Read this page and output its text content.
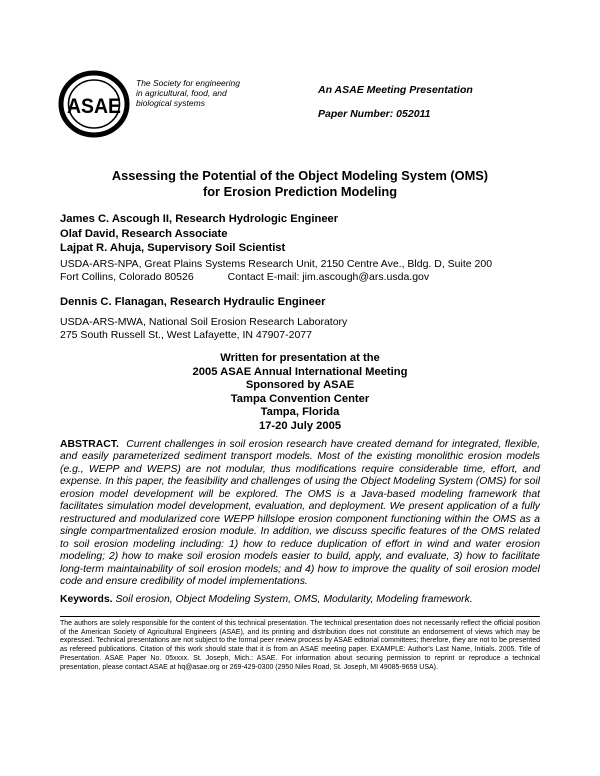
ASAE
The Society for engineering
in agricultural, food, and
biological systems
An ASAE Meeting Presentation
Paper Number: 052011
Assessing the Potential of the Object Modeling System (OMS)
for Erosion Prediction Modeling
James C. Ascough II, Research Hydrologic Engineer
Olaf David, Research Associate
Lajpat R. Ahuja, Supervisory Soil Scientist
USDA-ARS-NPA, Great Plains Systems Research Unit, 2150 Centre Ave., Bldg. D, Suite 200
Fort Collins, Colorado 80526	Contact E-mail: jim.ascough@ars.usda.gov
Dennis C. Flanagan, Research Hydraulic Engineer
USDA-ARS-MWA, National Soil Erosion Research Laboratory
275 South Russell St., West Lafayette, IN 47907-2077
Written for presentation at the
2005 ASAE Annual International Meeting
Sponsored by ASAE
Tampa Convention Center
Tampa, Florida
17-20 July 2005
ABSTRACT. Current challenges in soil erosion research have created demand for integrated, flexible, and easily parameterized sediment transport models. Most of the existing monolithic erosion models (e.g., WEPP and WEPS) are not modular, thus modifications require considerable time, effort, and expense. In this paper, the feasibility and challenges of using the Object Modeling System (OMS) for soil erosion model development will be explored. The OMS is a Java-based modeling framework that facilitates simulation model development, evaluation, and deployment. We present application of a fully restructured and modularized core WEPP hillslope erosion component functioning within the OMS as a single compartmentalized erosion module. In addition, we discuss specific features of the OMS related to soil erosion modeling including: 1) how to reduce duplication of effort in wind and water erosion modeling; 2) how to make soil erosion models easier to build, apply, and evaluate, 3) how to facilitate long-term maintainability of soil erosion models; and 4) how to improve the quality of soil erosion model code and ensure credibility of model implementations.
Keywords. Soil erosion, Object Modeling System, OMS, Modularity, Modeling framework.
The authors are solely responsible for the content of this technical presentation. The technical presentation does not necessarily reflect the official position of the American Society of Agricultural Engineers (ASAE), and its printing and distribution does not constitute an endorsement of views which may be expressed. Technical presentations are not subject to the formal peer review process by ASAE editorial committees; therefore, they are not to be presented as refereed publications. Citation of this work should state that it is from an ASAE meeting paper. EXAMPLE: Author's Last Name, Initials. 2005. Title of Presentation. ASAE Paper No. 05xxxx. St. Joseph, Mich.: ASAE. For information about securing permission to reprint or reproduce a technical presentation, please contact ASAE at hq@asae.org or 269-429-0300 (2950 Niles Road, St. Joseph, MI 49085-9659 USA).
